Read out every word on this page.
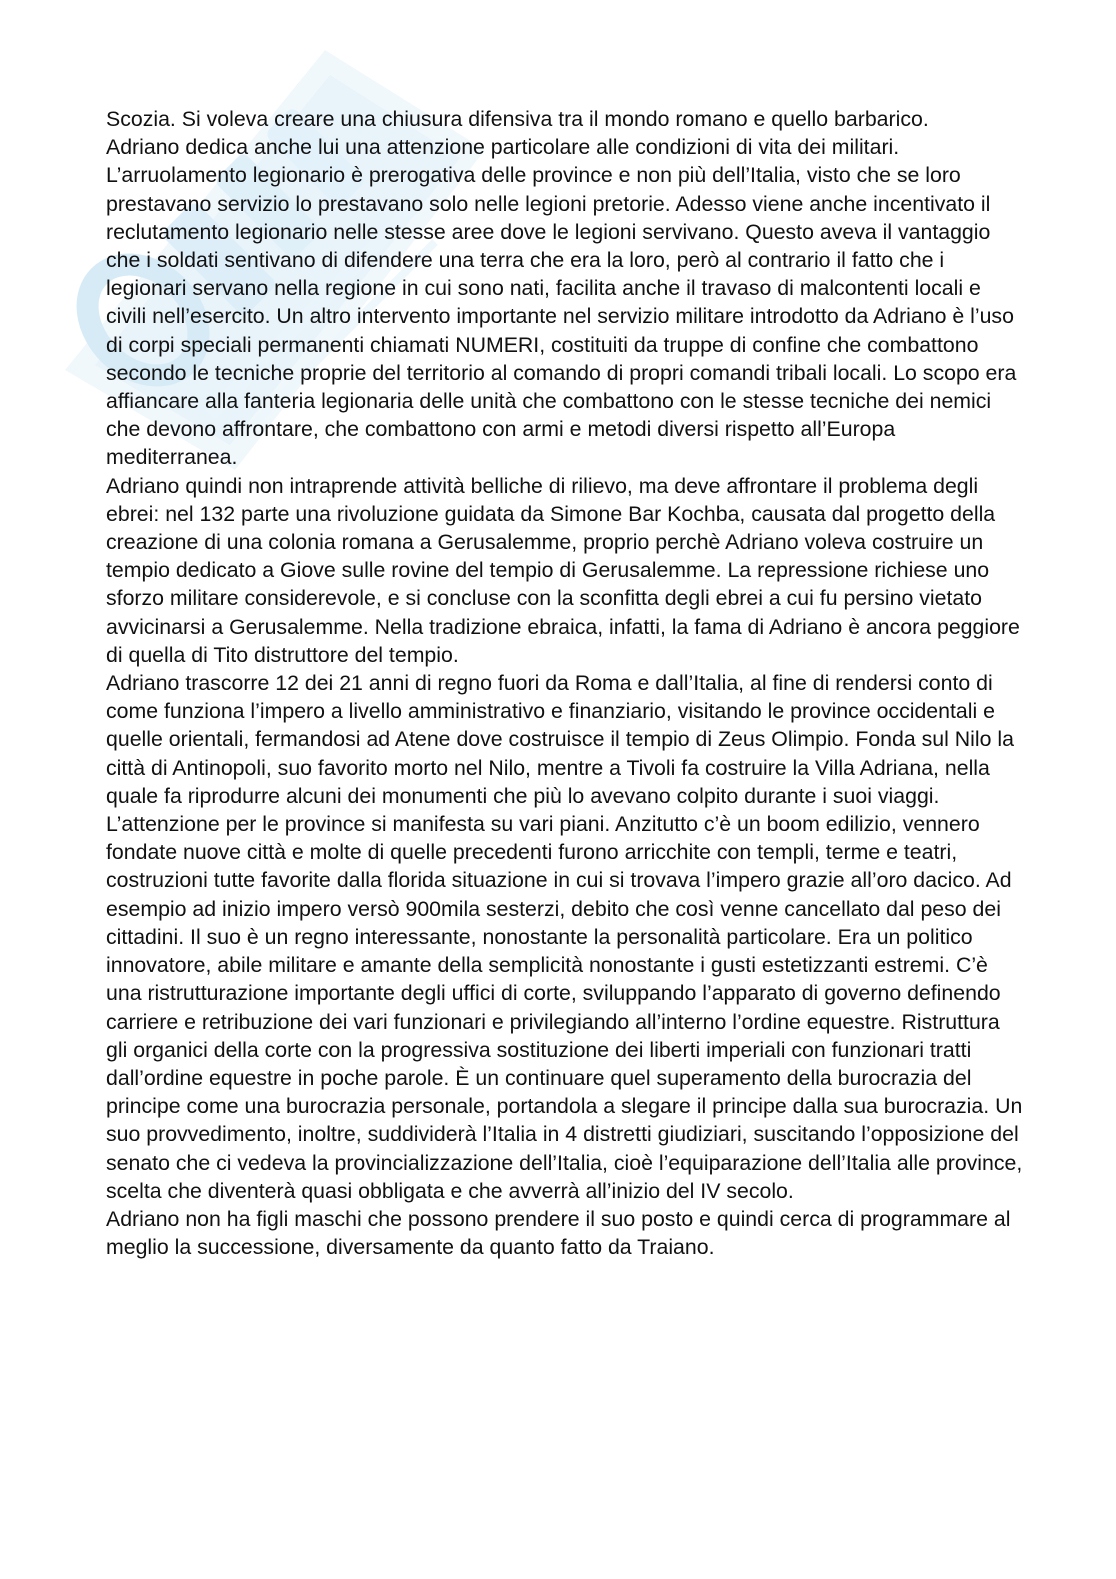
Scozia. Si voleva creare una chiusura difensiva tra il mondo romano e quello barbarico.

Adriano dedica anche lui una attenzione particolare alle condizioni di vita dei militari. L’arruolamento legionario è prerogativa delle province e non più dell’Italia, visto che se loro prestavano servizio lo prestavano solo nelle legioni pretorie. Adesso viene anche incentivato il reclutamento legionario nelle stesse aree dove le legioni servivano. Questo aveva il vantaggio che i soldati sentivano di difendere una terra che era la loro, però al contrario il fatto che i legionari servano nella regione in cui sono nati, facilita anche il travaso di malcontenti locali e civili nell’esercito. Un altro intervento importante nel servizio militare introdotto da Adriano è l’uso di corpi speciali permanenti chiamati NUMERI, costituiti da truppe di confine che combattono secondo le tecniche proprie del territorio al comando di propri comandi tribali locali. Lo scopo era affiancare alla fanteria legionaria delle unità che combattono con le stesse tecniche dei nemici che devono affrontare, che combattono con armi e metodi diversi rispetto all’Europa mediterranea.

Adriano quindi non intraprende attività belliche di rilievo, ma deve affrontare il problema degli ebrei: nel 132 parte una rivoluzione guidata da Simone Bar Kochba, causata dal progetto della creazione di una colonia romana a Gerusalemme, proprio perchè Adriano voleva costruire un tempio dedicato a Giove sulle rovine del tempio di Gerusalemme. La repressione richiese uno sforzo militare considerevole, e si concluse con la sconfitta degli ebrei a cui fu persino vietato avvicinarsi a Gerusalemme. Nella tradizione ebraica, infatti, la fama di Adriano è ancora peggiore di quella di Tito distruttore del tempio.

Adriano trascorre 12 dei 21 anni di regno fuori da Roma e dall’Italia, al fine di rendersi conto di come funziona l’impero a livello amministrativo e finanziario, visitando le province occidentali e quelle orientali, fermandosi ad Atene dove costruisce il tempio di Zeus Olimpio. Fonda sul Nilo la città di Antinopoli, suo favorito morto nel Nilo, mentre a Tivoli fa costruire la Villa Adriana, nella quale fa riprodurre alcuni dei monumenti che più lo avevano colpito durante i suoi viaggi.

L’attenzione per le province si manifesta su vari piani. Anzitutto c’è un boom edilizio, vennero fondate nuove città e molte di quelle precedenti furono arricchite con templi, terme e teatri, costruzioni tutte favorite dalla florida situazione in cui si trovava l’impero grazie all’oro dacico. Ad esempio ad inizio impero versò 900mila sesterzi, debito che così venne cancellato dal peso dei cittadini. Il suo è un regno interessante, nonostante la personalità particolare. Era un politico innovatore, abile militare e amante della semplicità nonostante i gusti estetizzanti estremi. C’è una ristrutturazione importante degli uffici di corte, sviluppando l’apparato di governo definendo carriere e retribuzione dei vari funzionari e privilegiando all’interno l’ordine equestre. Ristruttura gli organici della corte con la progressiva sostituzione dei liberti imperiali con funzionari tratti dall’ordine equestre in poche parole. È un continuare quel superamento della burocrazia del principe come una burocrazia personale, portandola a slegare il principe dalla sua burocrazia. Un suo provvedimento, inoltre, suddividerà l’Italia in 4 distretti giudiziari, suscitando l’opposizione del senato che ci vedeva la provincializzazione dell’Italia, cioè l’equiparazione dell’Italia alle province, scelta che diventerà quasi obbligata e che avverrà all’inizio del IV secolo.

Adriano non ha figli maschi che possono prendere il suo posto e quindi cerca di programmare al meglio la successione, diversamente da quanto fatto da Traiano.
